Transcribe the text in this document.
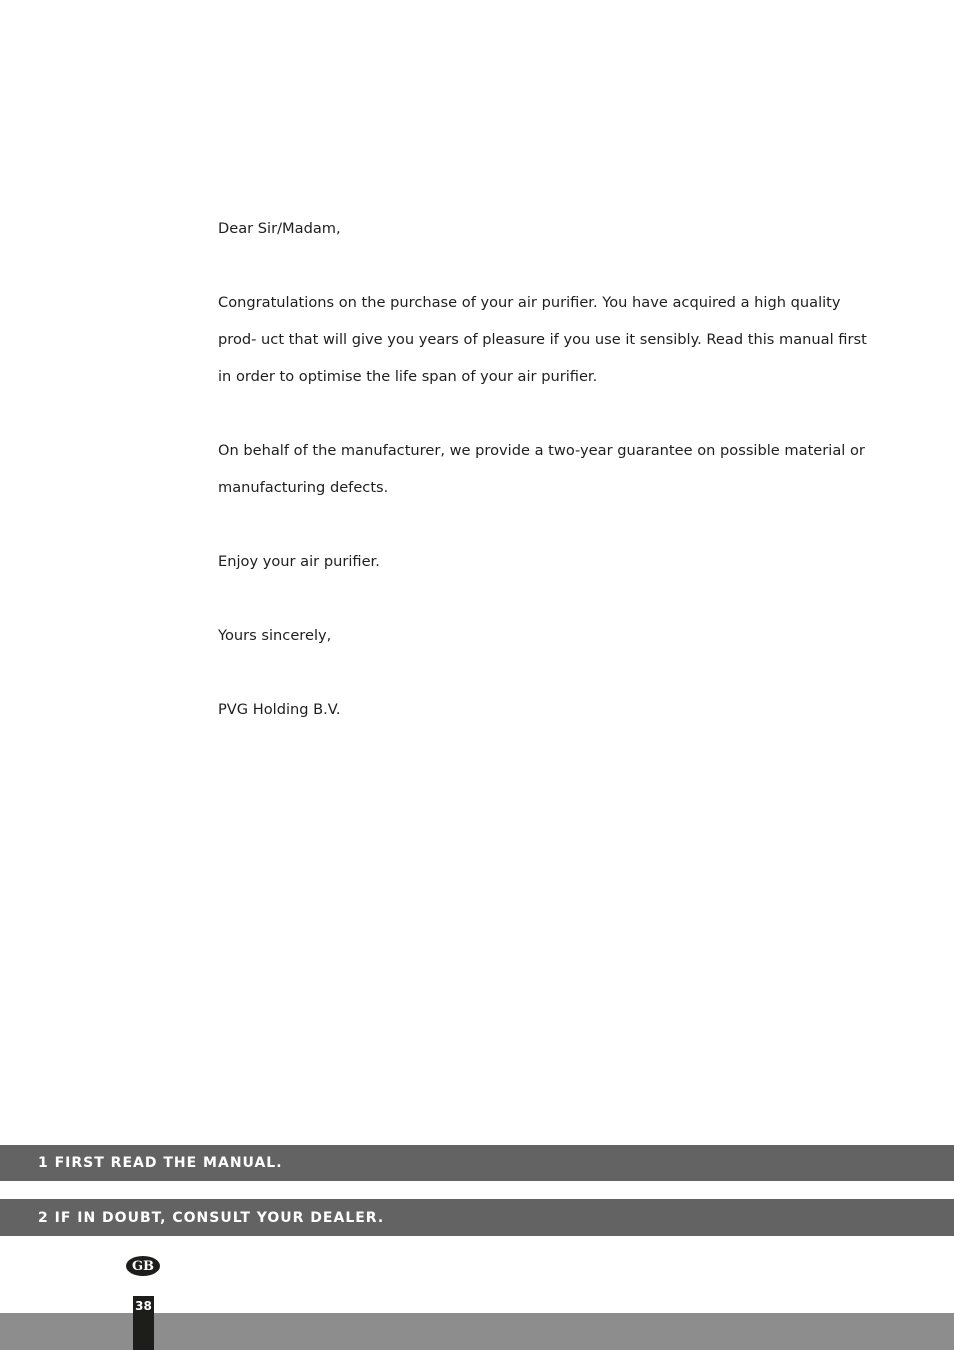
Dear Sir/Madam,

Congratulations on the purchase of your air purifier. You have acquired a high quality prod- uct that will give you years of pleasure if you use it sensibly. Read this manual first in order to optimise the life span of your air purifier.

On behalf of the manufacturer, we provide a two-year guarantee on possible material or manufacturing defects.

Enjoy your air purifier.

Yours sincerely,

PVG Holding B.V.

1 FIRST READ THE MANUAL.
2 IF IN DOUBT, CONSULT YOUR DEALER.
GB
38
